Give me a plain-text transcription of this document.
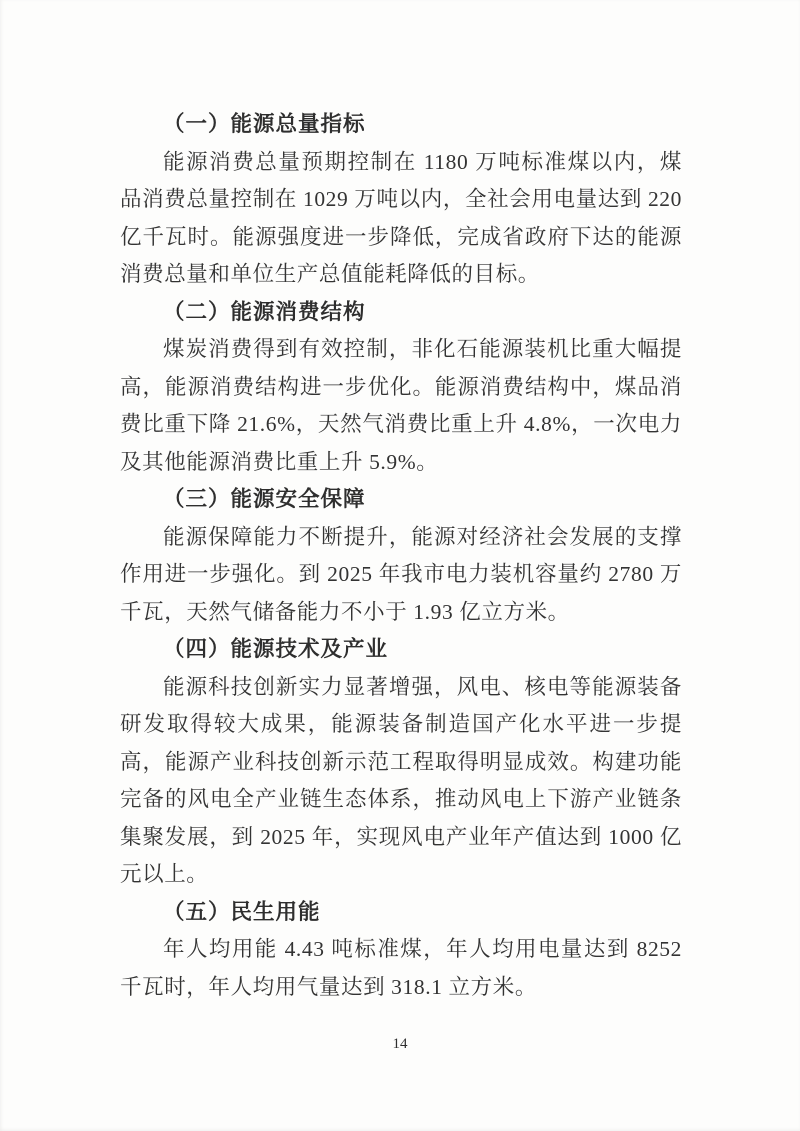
（一）能源总量指标

能源消费总量预期控制在 1180 万吨标准煤以内，煤品消费总量控制在 1029 万吨以内，全社会用电量达到 220 亿千瓦时。能源强度进一步降低，完成省政府下达的能源消费总量和单位生产总值能耗降低的目标。

（二）能源消费结构

煤炭消费得到有效控制，非化石能源装机比重大幅提高，能源消费结构进一步优化。能源消费结构中，煤品消费比重下降 21.6%，天然气消费比重上升 4.8%，一次电力及其他能源消费比重上升 5.9%。

（三）能源安全保障

能源保障能力不断提升，能源对经济社会发展的支撑作用进一步强化。到 2025 年我市电力装机容量约 2780 万千瓦，天然气储备能力不小于 1.93 亿立方米。

（四）能源技术及产业

能源科技创新实力显著增强，风电、核电等能源装备研发取得较大成果，能源装备制造国产化水平进一步提高，能源产业科技创新示范工程取得明显成效。构建功能完备的风电全产业链生态体系，推动风电上下游产业链条集聚发展，到 2025 年，实现风电产业年产值达到 1000 亿元以上。

（五）民生用能

年人均用能 4.43 吨标准煤，年人均用电量达到 8252 千瓦时，年人均用气量达到 318.1 立方米。

14
